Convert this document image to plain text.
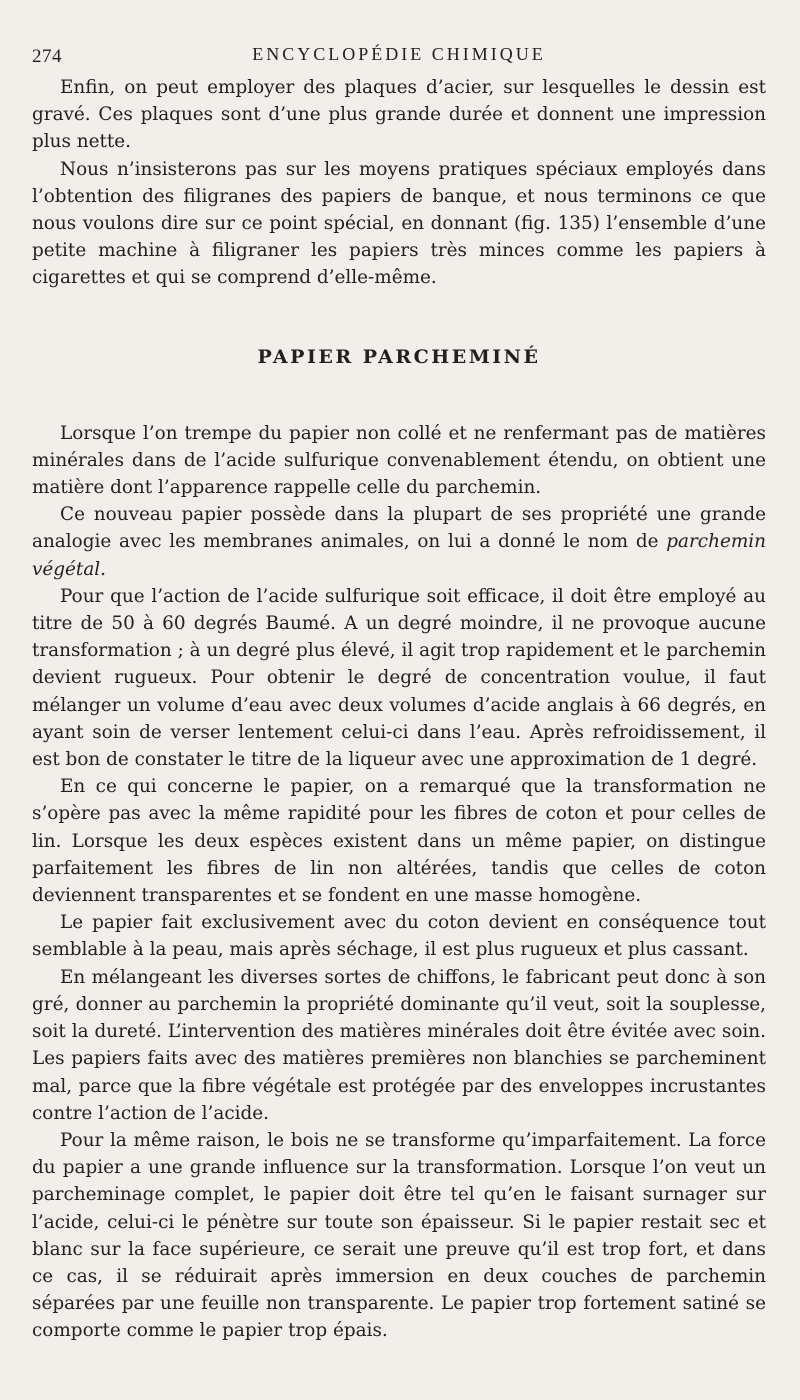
274	ENCYCLOPÉDIE CHIMIQUE

Enfin, on peut employer des plaques d’acier, sur lesquelles le dessin est gravé. Ces plaques sont d’une plus grande durée et donnent une impression plus nette.

Nous n’insisterons pas sur les moyens pratiques spéciaux employés dans l’obtention des filigranes des papiers de banque, et nous terminons ce que nous voulons dire sur ce point spécial, en donnant (fig. 135) l’ensemble d’une petite machine à filigraner les papiers très minces comme les papiers à cigarettes et qui se comprend d’elle-même.

PAPIER PARCHEMINÉ

Lorsque l’on trempe du papier non collé et ne renfermant pas de matières minérales dans de l’acide sulfurique convenablement étendu, on obtient une matière dont l’apparence rappelle celle du parchemin.

Ce nouveau papier possède dans la plupart de ses propriété une grande analogie avec les membranes animales, on lui a donné le nom de parchemin végétal.

Pour que l’action de l’acide sulfurique soit efficace, il doit être employé au titre de 50 à 60 degrés Baumé. A un degré moindre, il ne provoque aucune transformation ; à un degré plus élevé, il agit trop rapidement et le parchemin devient rugueux. Pour obtenir le degré de concentration voulue, il faut mélanger un volume d’eau avec deux volumes d’acide anglais à 66 degrés, en ayant soin de verser lentement celui-ci dans l’eau. Après refroidissement, il est bon de constater le titre de la liqueur avec une approximation de 1 degré.

En ce qui concerne le papier, on a remarqué que la transformation ne s’opère pas avec la même rapidité pour les fibres de coton et pour celles de lin. Lorsque les deux espèces existent dans un même papier, on distingue parfaitement les fibres de lin non altérées, tandis que celles de coton deviennent transparentes et se fondent en une masse homogène.

Le papier fait exclusivement avec du coton devient en conséquence tout semblable à la peau, mais après séchage, il est plus rugueux et plus cassant.

En mélangeant les diverses sortes de chiffons, le fabricant peut donc à son gré, donner au parchemin la propriété dominante qu’il veut, soit la souplesse, soit la dureté. L’intervention des matières minérales doit être évitée avec soin. Les papiers faits avec des matières premières non blanchies se parcheminent mal, parce que la fibre végétale est protégée par des enveloppes incrustantes contre l’action de l’acide.

Pour la même raison, le bois ne se transforme qu’imparfaitement. La force du papier a une grande influence sur la transformation. Lorsque l’on veut un parcheminage complet, le papier doit être tel qu’en le faisant surnager sur l’acide, celui-ci le pénètre sur toute son épaisseur. Si le papier restait sec et blanc sur la face supérieure, ce serait une preuve qu’il est trop fort, et dans ce cas, il se réduirait après immersion en deux couches de parchemin séparées par une feuille non transparente. Le papier trop fortement satiné se comporte comme le papier trop épais.
